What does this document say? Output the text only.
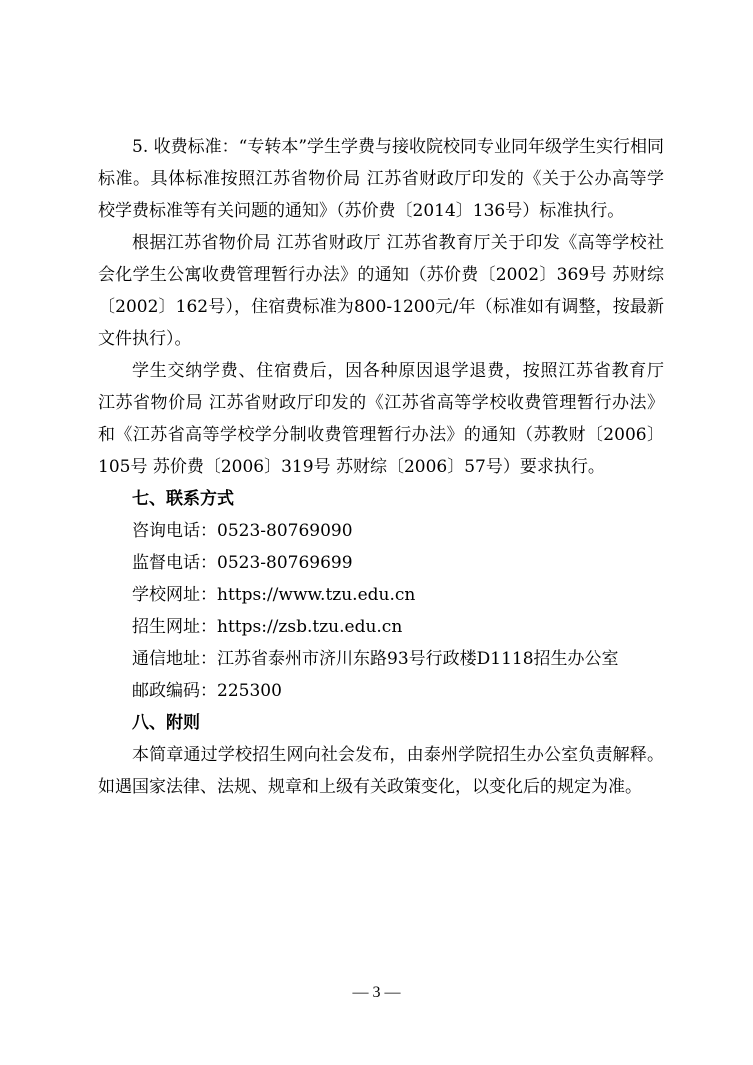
5. 收费标准：“专转本”学生学费与接收院校同专业同年级学生实行相同标准。具体标准按照江苏省物价局 江苏省财政厅印发的《关于公办高等学校学费标准等有关问题的通知》（苏价费〔2014〕136号）标准执行。

根据江苏省物价局 江苏省财政厅 江苏省教育厅关于印发《高等学校社会化学生公寓收费管理暂行办法》的通知（苏价费〔2002〕369号 苏财综〔2002〕162号），住宿费标准为800-1200元/年（标准如有调整，按最新文件执行）。

学生交纳学费、住宿费后，因各种原因退学退费，按照江苏省教育厅 江苏省物价局 江苏省财政厅印发的《江苏省高等学校收费管理暂行办法》和《江苏省高等学校学分制收费管理暂行办法》的通知（苏教财〔2006〕105号 苏价费〔2006〕319号 苏财综〔2006〕57号）要求执行。

七、联系方式

咨询电话：0523-80769090

监督电话：0523-80769699

学校网址：https://www.tzu.edu.cn

招生网址：https://zsb.tzu.edu.cn

通信地址：江苏省泰州市济川东路93号行政楼D1118招生办公室

邮政编码：225300

八、附则

本简章通过学校招生网向社会发布，由泰州学院招生办公室负责解释。如遇国家法律、法规、规章和上级有关政策变化，以变化后的规定为准。

— 3 —
